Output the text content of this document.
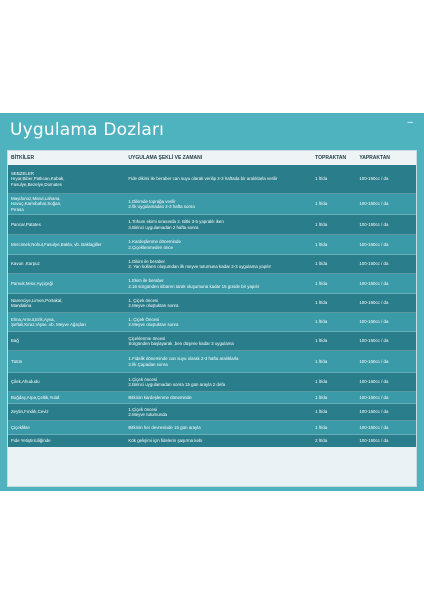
Uygulama Dozları	–
BİTKİLER	UYGULAMA ŞEKLİ VE ZAMANI	TOPRAKTAN	YAPRAKTAN

SEBZELER
Hıyar,Biber,Patlıcan,Kabak,
Fasulye,Bezelye,Domates	Fide dikimi ile beraber can suyu olarak verilip 2-3 haftada bir aralıklarla verilir	1 lt/da	100-150cc / da

Maydonoz,Marul,Lahana,
Havuç,Karnıbahar,Soğan,
Pırasa	1.Dikimde toprağa verilir
2.İlk uygulamadan 2-3 hafta sonra	1 lt/da	100-150cc / da

Pancar,Patates	1.Tohum ekimi sırasında 2. Bitki 3-5 yapraklı iken
3.Birinci uygulamadan 2 hafta sonra	1 lt/da	100-150cc / da

Mercimek,Nohut,Fasulye,Bakla, vb. Baklagiller	1.Kardeşlenme döneminde
2.Çiçeklenmeden önce	1 lt/da	100-150cc / da

Kavun ,Karpuz	1.Dikim ile beraber
2. Yan kolların oluşumdan ilk meyve tutumuna kadar 2-3 uygulama yapılır	1 lt/da	100-150cc / da

Pamuk,Mısır,Ayçiçeği	1.Ekim ile beraber
2.16 sürgünden itibaren tarak oluşumuna kadar 15 günde bir yapılır	1 lt/da	100-150cc / da

Narenciye,Limon,Portakal,
Mandalina	1. Çiçek öncesi
2.Meyve oluştuktan sonra	1 lt/da	100-150cc / da

Elma,Armut,Erik,Ayva,
Şeftali,Kiraz,Vişne..vb. Meyve Ağaçları	1. Çiçek Öncesi
2.Meyve oluştuktan sonra	1 lt/da	100-150cc / da

Bağ	Çiçeklenme öncesi
Sürgünden başlayarak ,ben düşene kadar 3 uygulama	1 lt/da	100-150cc / da

Tütün	1.Fidelik döneminde can suyu olarak 2-3 hafta aralıklarla
2.İlk Çapadan sonra	1 lt/da	100-150cc / da

Çilek,Ahududu	1.Çiçek öncesi
2.Birinci uygulamadan sonra 15 gün arayla 2 defa	1 lt/da	100-150cc / da

Buğday,Arpa,Çeltik,Yulaf	Bitkinin kardeşlenme döneminde	1 lt/da	100-150cc / da

Zeytin,Fındık,Ceviz	1.Çiçek öncesi
2.Meyve tutumunda	1 lt/da	100-150cc / da

Çiçeklikte	Bitkinin her devresinde 15 gün arayla	1 lt/da	100-150cc / da

Fide Yetiştiriciliğinde	Kök gelişimi için fidelerin şaşırma kebi	2 lt/da	100-150cc / da
